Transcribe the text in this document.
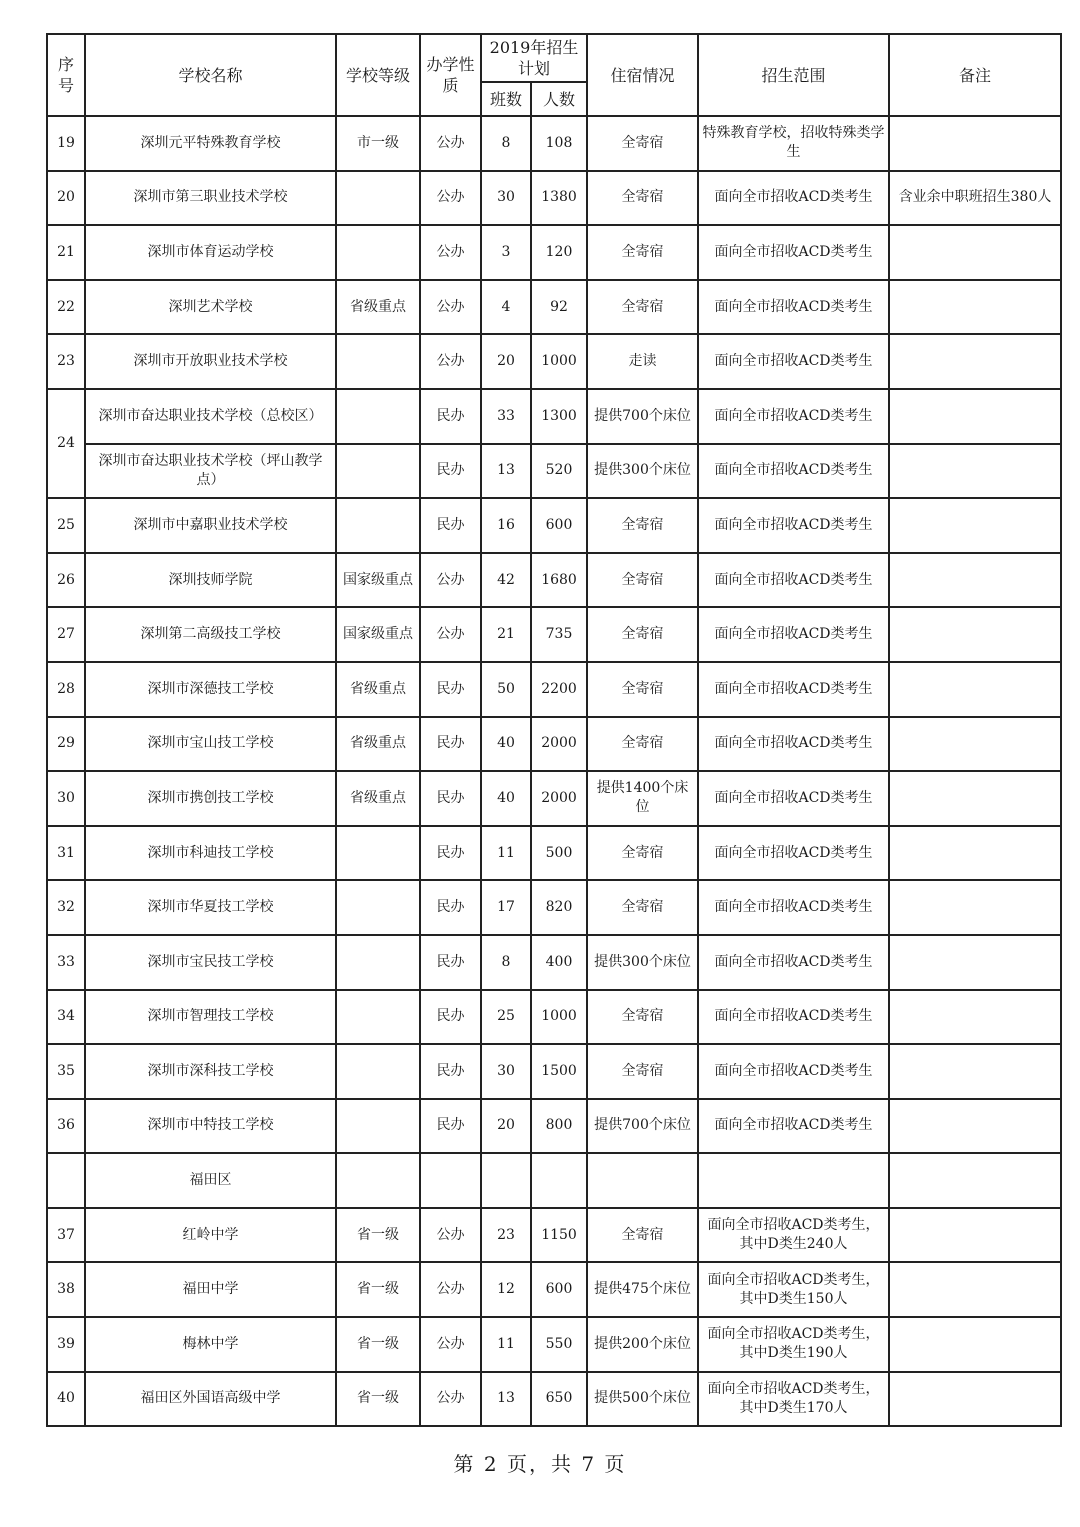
序号	学校名称	学校等级	办学性质	2019年招生计划		住宿情况	招生范围	备注
				班数	人数			
19	深圳元平特殊教育学校	市一级	公办	8	108	全寄宿	特殊教育学校，招收特殊类学生	
20	深圳市第三职业技术学校		公办	30	1380	全寄宿	面向全市招收ACD类考生	含业余中职班招生380人
21	深圳市体育运动学校		公办	3	120	全寄宿	面向全市招收ACD类考生	
22	深圳艺术学校	省级重点	公办	4	92	全寄宿	面向全市招收ACD类考生	
23	深圳市开放职业技术学校		公办	20	1000	走读	面向全市招收ACD类考生	
24	深圳市奋达职业技术学校（总校区）		民办	33	1300	提供700个床位	面向全市招收ACD类考生	
	深圳市奋达职业技术学校（坪山教学点）		民办	13	520	提供300个床位	面向全市招收ACD类考生	
25	深圳市中嘉职业技术学校		民办	16	600	全寄宿	面向全市招收ACD类考生	
26	深圳技师学院	国家级重点	公办	42	1680	全寄宿	面向全市招收ACD类考生	
27	深圳第二高级技工学校	国家级重点	公办	21	735	全寄宿	面向全市招收ACD类考生	
28	深圳市深德技工学校	省级重点	民办	50	2200	全寄宿	面向全市招收ACD类考生	
29	深圳市宝山技工学校	省级重点	民办	40	2000	全寄宿	面向全市招收ACD类考生	
30	深圳市携创技工学校	省级重点	民办	40	2000	提供1400个床位	面向全市招收ACD类考生	
31	深圳市科迪技工学校		民办	11	500	全寄宿	面向全市招收ACD类考生	
32	深圳市华夏技工学校		民办	17	820	全寄宿	面向全市招收ACD类考生	
33	深圳市宝民技工学校		民办	8	400	提供300个床位	面向全市招收ACD类考生	
34	深圳市智理技工学校		民办	25	1000	全寄宿	面向全市招收ACD类考生	
35	深圳市深科技工学校		民办	30	1500	全寄宿	面向全市招收ACD类考生	
36	深圳市中特技工学校		民办	20	800	提供700个床位	面向全市招收ACD类考生	
	福田区							
37	红岭中学	省一级	公办	23	1150	全寄宿	面向全市招收ACD类考生，其中D类生240人	
38	福田中学	省一级	公办	12	600	提供475个床位	面向全市招收ACD类考生，其中D类生150人	
39	梅林中学	省一级	公办	11	550	提供200个床位	面向全市招收ACD类考生，其中D类生190人	
40	福田区外国语高级中学	省一级	公办	13	650	提供500个床位	面向全市招收ACD类考生，其中D类生170人	
第 2 页，共 7 页
